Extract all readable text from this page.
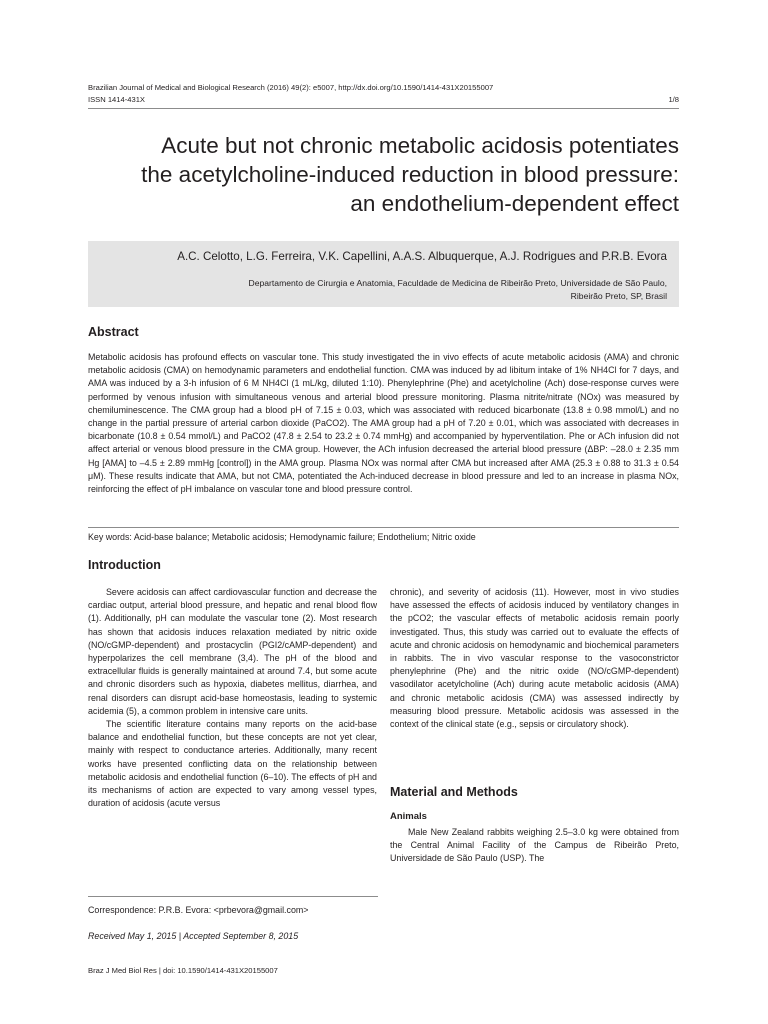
Brazilian Journal of Medical and Biological Research (2016) 49(2): e5007, http://dx.doi.org/10.1590/1414-431X20155007
ISSN 1414-431X	1/8
Acute but not chronic metabolic acidosis potentiates
the acetylcholine-induced reduction in blood pressure:
an endothelium-dependent effect
A.C. Celotto, L.G. Ferreira, V.K. Capellini, A.A.S. Albuquerque, A.J. Rodrigues and P.R.B. Evora
Departamento de Cirurgia e Anatomia, Faculdade de Medicina de Ribeirão Preto, Universidade de São Paulo,
Ribeirão Preto, SP, Brasil
Abstract
Metabolic acidosis has profound effects on vascular tone. This study investigated the in vivo effects of acute metabolic acidosis (AMA) and chronic metabolic acidosis (CMA) on hemodynamic parameters and endothelial function. CMA was induced by ad libitum intake of 1% NH4Cl for 7 days, and AMA was induced by a 3-h infusion of 6 M NH4Cl (1 mL/kg, diluted 1:10). Phenylephrine (Phe) and acetylcholine (Ach) dose-response curves were performed by venous infusion with simultaneous venous and arterial blood pressure monitoring. Plasma nitrite/nitrate (NOx) was measured by chemiluminescence. The CMA group had a blood pH of 7.15 ± 0.03, which was associated with reduced bicarbonate (13.8 ± 0.98 mmol/L) and no change in the partial pressure of arterial carbon dioxide (PaCO2). The AMA group had a pH of 7.20 ± 0.01, which was associated with decreases in bicarbonate (10.8 ± 0.54 mmol/L) and PaCO2 (47.8 ± 2.54 to 23.2 ± 0.74 mmHg) and accompanied by hyperventilation. Phe or ACh infusion did not affect arterial or venous blood pressure in the CMA group. However, the ACh infusion decreased the arterial blood pressure (ΔBP: –28.0 ± 2.35 mm Hg [AMA] to –4.5 ± 2.89 mmHg [control]) in the AMA group. Plasma NOx was normal after CMA but increased after AMA (25.3 ± 0.88 to 31.3 ± 0.54 μM). These results indicate that AMA, but not CMA, potentiated the Ach-induced decrease in blood pressure and led to an increase in plasma NOx, reinforcing the effect of pH imbalance on vascular tone and blood pressure control.
Key words: Acid-base balance; Metabolic acidosis; Hemodynamic failure; Endothelium; Nitric oxide
Introduction

Severe acidosis can affect cardiovascular function and decrease the cardiac output, arterial blood pressure, and hepatic and renal blood flow (1). Additionally, pH can modulate the vascular tone (2). Most research has shown that acidosis induces relaxation mediated by nitric oxide (NO/cGMP-dependent) and prostacyclin (PGI2/cAMP-dependent) and hyperpolarizes the cell membrane (3,4). The pH of the blood and extracellular fluids is generally maintained at around 7.4, but some acute and chronic disorders such as hypoxia, diabetes mellitus, diarrhea, and renal disorders can disrupt acid-base homeostasis, leading to systemic acidemia (5), a common problem in intensive care units.

The scientific literature contains many reports on the acid-base balance and endothelial function, but these concepts are not yet clear, mainly with respect to conductance arteries. Additionally, many recent works have presented conflicting data on the relationship between metabolic acidosis and endothelial function (6–10). The effects of pH and its mechanisms of action are expected to vary among vessel types, duration of acidosis (acute versus

chronic), and severity of acidosis (11). However, most in vivo studies have assessed the effects of acidosis induced by ventilatory changes in the pCO2; the vascular effects of metabolic acidosis remain poorly investigated. Thus, this study was carried out to evaluate the effects of acute and chronic acidosis on hemodynamic and biochemical parameters in rabbits. The in vivo vascular response to the vasoconstrictor phenylephrine (Phe) and the nitric oxide (NO/cGMP-dependent) vasodilator acetylcholine (Ach) during acute metabolic acidosis (AMA) and chronic metabolic acidosis (CMA) was assessed indirectly by measuring blood pressure. Metabolic acidosis was assessed in the context of the clinical state (e.g., sepsis or circulatory shock).

Material and Methods
Animals

Male New Zealand rabbits weighing 2.5–3.0 kg were obtained from the Central Animal Facility of the Campus de Ribeirão Preto, Universidade de São Paulo (USP). The

Correspondence: P.R.B. Evora: <prbevora@gmail.com>
Received May 1, 2015 | Accepted September 8, 2015
Braz J Med Biol Res | doi: 10.1590/1414-431X20155007
